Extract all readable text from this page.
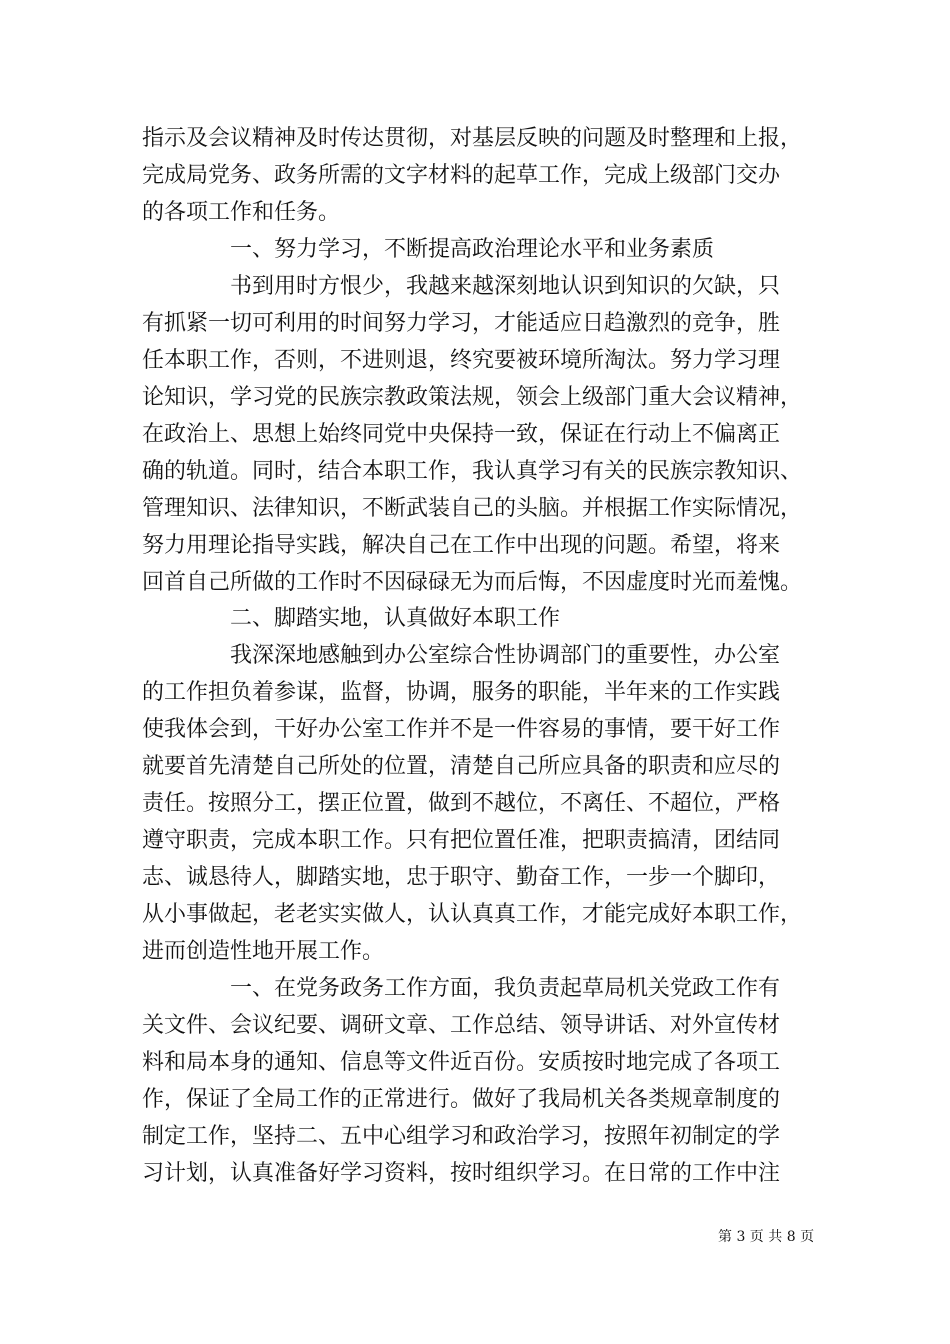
指示及会议精神及时传达贯彻，对基层反映的问题及时整理和上报，
完成局党务、政务所需的文字材料的起草工作，完成上级部门交办
的各项工作和任务。
一、努力学习，不断提高政治理论水平和业务素质
书到用时方恨少，我越来越深刻地认识到知识的欠缺，只
有抓紧一切可利用的时间努力学习，才能适应日趋激烈的竞争，胜
任本职工作，否则，不进则退，终究要被环境所淘汰。努力学习理
论知识，学习党的民族宗教政策法规，领会上级部门重大会议精神，
在政治上、思想上始终同党中央保持一致，保证在行动上不偏离正
确的轨道。同时，结合本职工作，我认真学习有关的民族宗教知识、
管理知识、法律知识，不断武装自己的头脑。并根据工作实际情况，
努力用理论指导实践，解决自己在工作中出现的问题。希望，将来
回首自己所做的工作时不因碌碌无为而后悔，不因虚度时光而羞愧。
二、脚踏实地，认真做好本职工作
我深深地感触到办公室综合性协调部门的重要性，办公室
的工作担负着参谋，监督，协调，服务的职能，半年来的工作实践
使我体会到，干好办公室工作并不是一件容易的事情，要干好工作
就要首先清楚自己所处的位置，清楚自己所应具备的职责和应尽的
责任。按照分工，摆正位置，做到不越位，不离任、不超位，严格
遵守职责，完成本职工作。只有把位置任准，把职责搞清，团结同
志、诚恳待人，脚踏实地，忠于职守、勤奋工作，一步一个脚印，
从小事做起，老老实实做人，认认真真工作，才能完成好本职工作，
进而创造性地开展工作。
一、在党务政务工作方面，我负责起草局机关党政工作有
关文件、会议纪要、调研文章、工作总结、领导讲话、对外宣传材
料和局本身的通知、信息等文件近百份。安质按时地完成了各项工
作，保证了全局工作的正常进行。做好了我局机关各类规章制度的
制定工作，坚持二、五中心组学习和政治学习，按照年初制定的学
习计划，认真准备好学习资料，按时组织学习。在日常的工作中注
第 3 页 共 8 页
